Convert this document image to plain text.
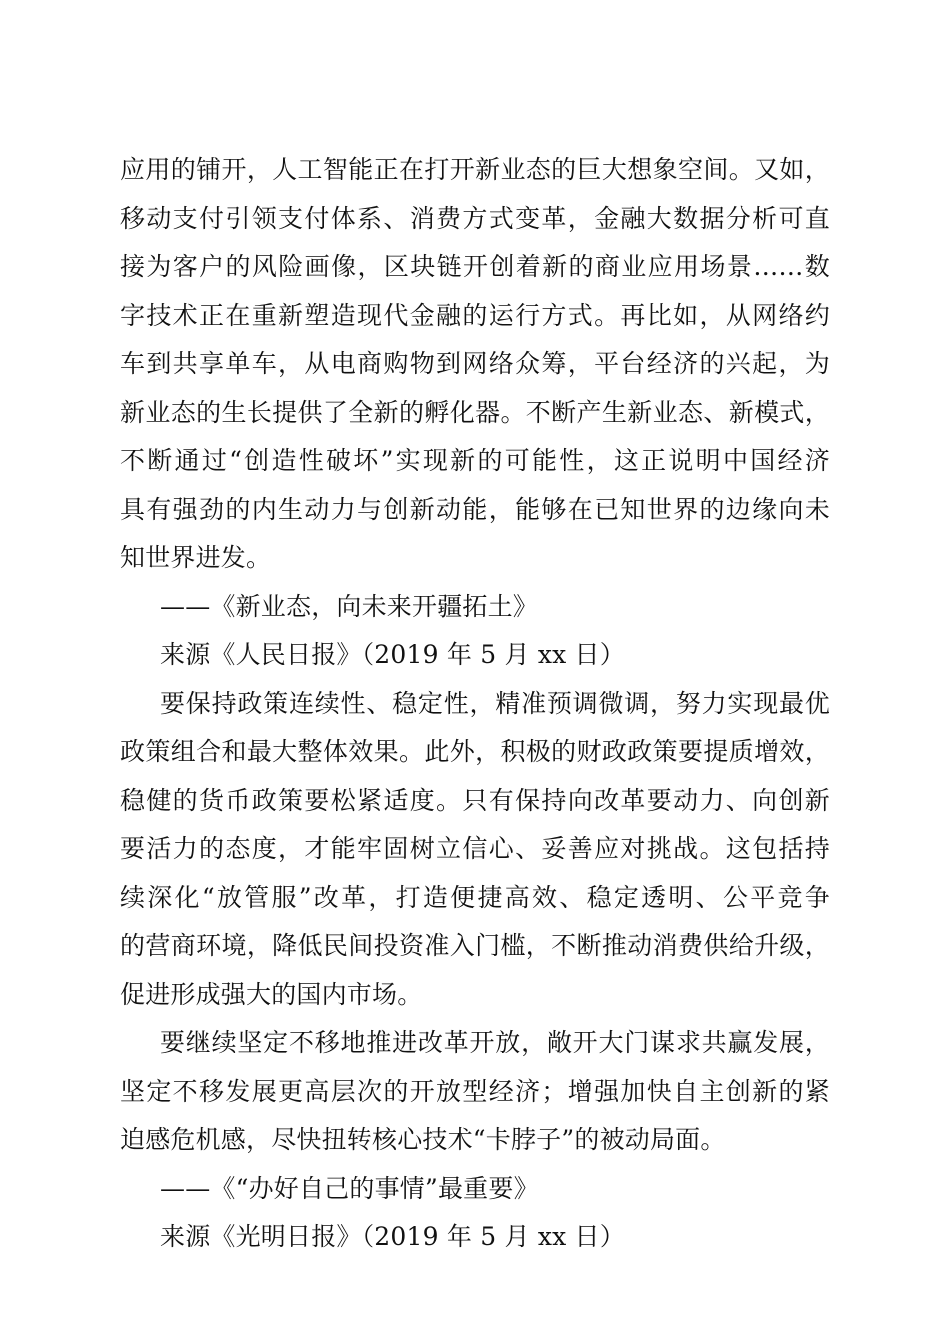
应用的铺开，人工智能正在打开新业态的巨大想象空间。又如，
移动支付引领支付体系、消费方式变革，金融大数据分析可直
接为客户的风险画像，区块链开创着新的商业应用场景……数
字技术正在重新塑造现代金融的运行方式。再比如，从网络约
车到共享单车，从电商购物到网络众筹，平台经济的兴起，为
新业态的生长提供了全新的孵化器。不断产生新业态、新模式，
不断通过“创造性破坏”实现新的可能性，这正说明中国经济
具有强劲的内生动力与创新动能，能够在已知世界的边缘向未
知世界进发。
——《新业态，向未来开疆拓土》
来源《人民日报》（2019 年 5 月 xx 日）
要保持政策连续性、稳定性，精准预调微调，努力实现最优
政策组合和最大整体效果。此外，积极的财政政策要提质增效，
稳健的货币政策要松紧适度。只有保持向改革要动力、向创新
要活力的态度，才能牢固树立信心、妥善应对挑战。这包括持
续深化“放管服”改革，打造便捷高效、稳定透明、公平竞争
的营商环境，降低民间投资准入门槛，不断推动消费供给升级，
促进形成强大的国内市场。
要继续坚定不移地推进改革开放，敞开大门谋求共赢发展，
坚定不移发展更高层次的开放型经济；增强加快自主创新的紧
迫感危机感，尽快扭转核心技术“卡脖子”的被动局面。
——《“办好自己的事情”最重要》
来源《光明日报》（2019 年 5 月 xx 日）
